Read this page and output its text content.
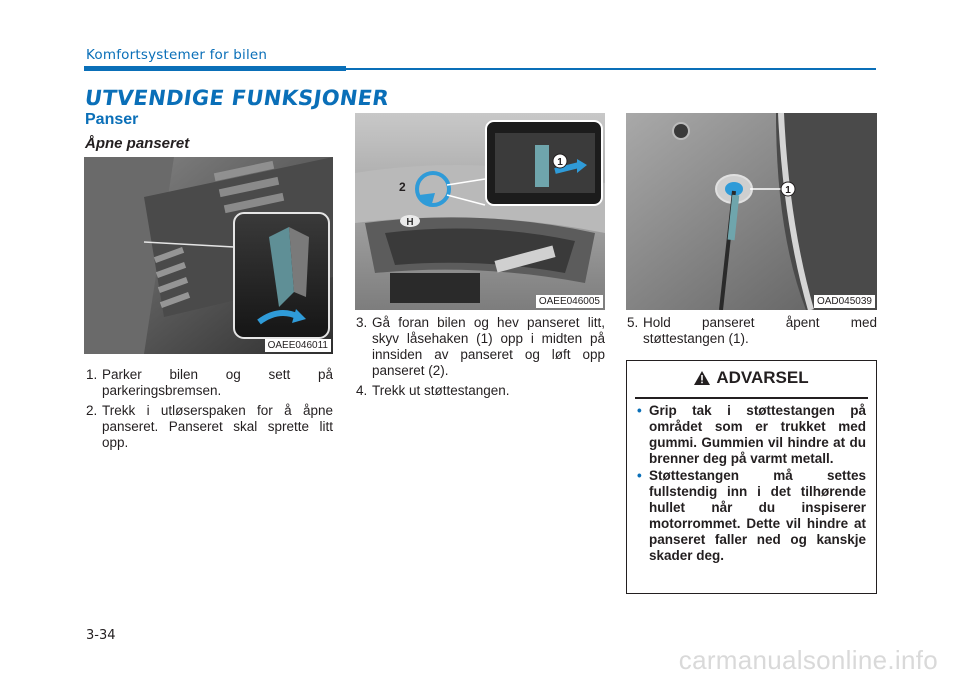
Komfortsystemer for bilen
UTVENDIGE FUNKSJONER
Panser
Åpne panseret
OAEE046011
H
2
1
OAEE046005
1
OAD045039
1. Parker bilen og sett på parkeringsbremsen.
2. Trekk i utløserspaken for å åpne panseret. Panseret skal sprette litt opp.
3. Gå foran bilen og hev panseret litt, skyv låsehaken (1) opp i midten på innsiden av panseret og løft opp panseret (2).
4. Trekk ut støttestangen.
5. Hold panseret åpent med støttestangen (1).
ADVARSEL
• Grip tak i støttestangen på området som er trukket med gummi. Gummien vil hindre at du brenner deg på varmt metall.
• Støttestangen må settes fullstendig inn i det tilhørende hullet når du inspiserer motorrommet. Dette vil hindre at panseret faller ned og kanskje skader deg.
3-34
carmanualsonline.info
